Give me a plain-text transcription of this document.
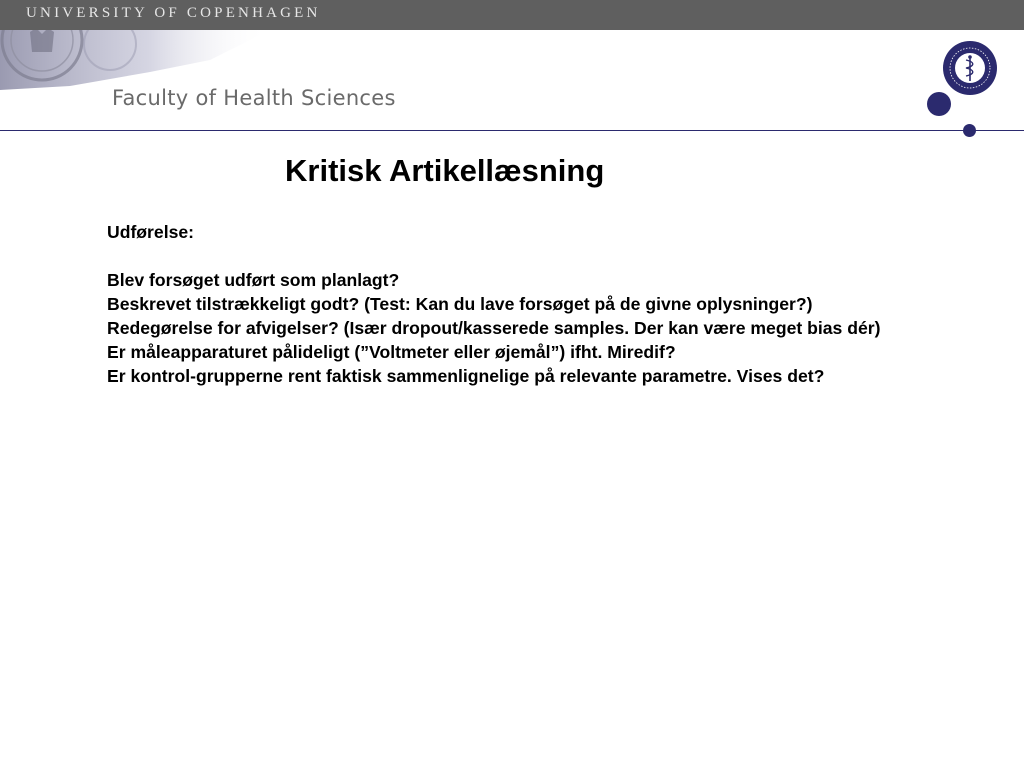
UNIVERSITY OF COPENHAGEN
Faculty of Health Sciences
Kritisk Artikellæsning

Udførelse:

Blev forsøget udført som planlagt?

Beskrevet tilstrækkeligt godt? (Test: Kan du lave forsøget på de givne oplysninger?)

Redegørelse for afvigelser? (Især dropout/kasserede samples. Der kan være meget bias dér)

Er måleapparaturet pålideligt (”Voltmeter eller øjemål”) ifht. Miredif?

Er kontrol-grupperne rent faktisk sammenlignelige på relevante parametre. Vises det?
